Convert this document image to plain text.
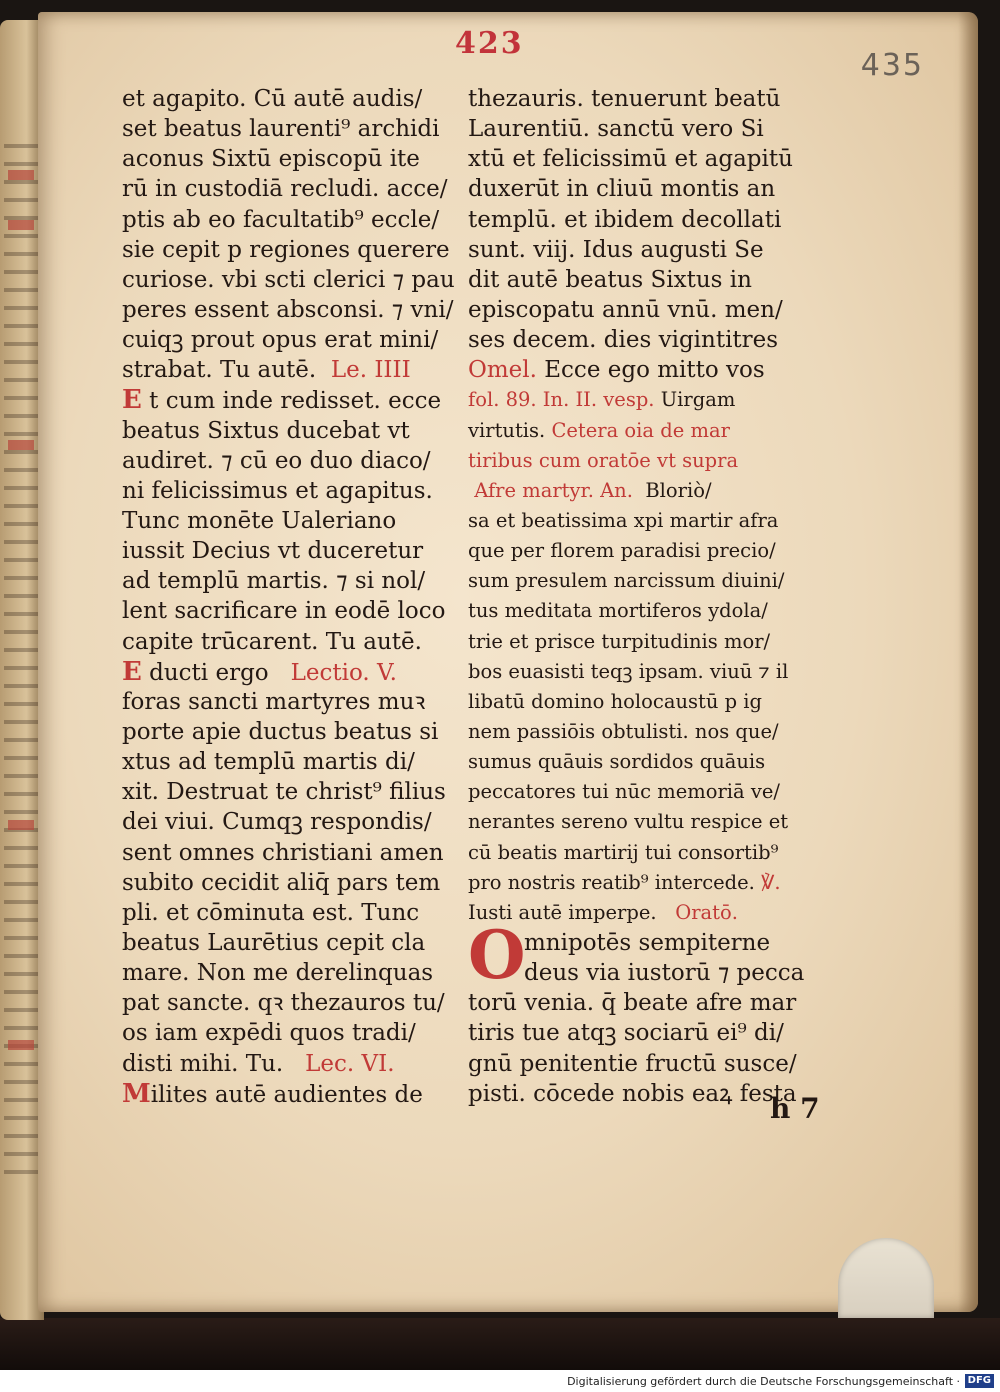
423
435
et agapito. Cū autē audis/
set beatus laurenti⁹ archidi
aconus Sixtū episcopū ite
rū in custodiā recludi. acce/
ptis ab eo facultatib⁹ eccle/
sie cepit p regiones querere
curiose. vbi scti clerici ⁊ pau
peres essent absconsi. ⁊ vni/
cuiqꝫ prout opus erat mini/
strabat. Tu autē. Le. IIII
E t cum inde redisset. ecce
beatus Sixtus ducebat vt
audiret. ⁊ cū eo duo diaco/
ni felicissimus et agapitus.
Tunc monēte Ualeriano
iussit Decius vt duceretur
ad templū martis. ⁊ si nol/
lent sacrificare in eodē loco
capite trūcarent. Tu autē.
E ducti ergo Lectio. V.
foras sancti martyres muꝛ
porte apie ductus beatus si
xtus ad templū martis di/
xit. Destruat te christ⁹ filius
dei viui. Cumqꝫ respondis/
sent omnes christiani amen
subito cecidit aliq̄ pars tem
pli. et cōminuta est. Tunc
beatus Laurētius cepit cla
mare. Non me derelinquas
pat sancte. qꝛ thezauros tu/
os iam expēdi quos tradi/
disti mihi. Tu. Lec. VI.
Milites autē audientes de
thezauris. tenuerunt beatū
Laurentiū. sanctū vero Si
xtū et felicissimū et agapitū
duxerūt in cliuū montis an
templū. et ibidem decollati
sunt. viij. Idus augusti Se
dit autē beatus Sixtus in
episcopatu annū vnū. men/
ses decem. dies vigintitres
Omel. Ecce ego mitto vos
fol. 89. In. II. vesp. Uirgam
virtutis. Cetera oia de mar
tiribus cum oratōe vt supra
Afre martyr. An. Bloriò/
sa et beatissima xpi martir afra
que per florem paradisi precio/
sum presulem narcissum diuini/
tus meditata mortiferos ydola/
trie et prisce turpitudinis mor/
bos euasisti teqꝫ ipsam. viuū ⁊ il
libatū domino holocaustū p ig
nem passiōis obtulisti. nos que/
sumus quāuis sordidos quāuis
peccatores tui nūc memoriā ve/
nerantes sereno vultu respice et
cū beatis martirij tui consortib⁹
pro nostris reatib⁹ intercede. ℣.
Iusti autē imperpe. Oratō.
mnipotēs sempiterne
deus via iustorū ⁊ pecca
torū venia. q̄ beate afre mar
tiris tue atqꝫ sociarū ei⁹ di/
gnū penitentie fructū susce/
pisti. cōcede nobis eaꝝ festa
O
h 7
Digitalisierung gefördert durch die Deutsche Forschungsgemeinschaft · DFG
